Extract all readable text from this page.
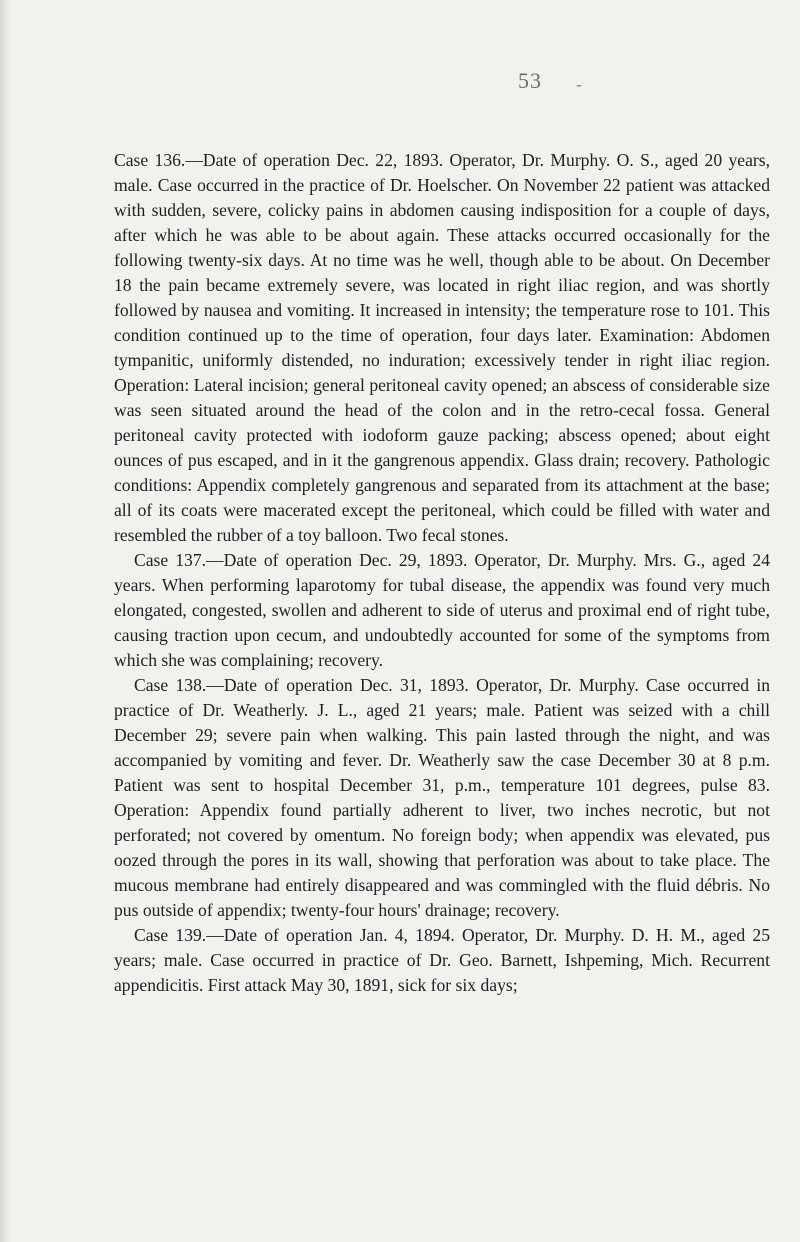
53 -

Case 136.—Date of operation Dec. 22, 1893. Operator, Dr. Murphy. O. S., aged 20 years, male. Case occurred in the practice of Dr. Hoelscher. On November 22 patient was attacked with sudden, severe, colicky pains in abdomen causing indisposition for a couple of days, after which he was able to be about again. These attacks occurred occasionally for the following twenty-six days. At no time was he well, though able to be about. On December 18 the pain became extremely severe, was located in right iliac region, and was shortly followed by nausea and vomiting. It increased in intensity; the temperature rose to 101. This condition continued up to the time of operation, four days later. Examination: Abdomen tympanitic, uniformly distended, no induration; excessively tender in right iliac region. Operation: Lateral incision; general peritoneal cavity opened; an abscess of considerable size was seen situated around the head of the colon and in the retro-cecal fossa. General peritoneal cavity protected with iodoform gauze packing; abscess opened; about eight ounces of pus escaped, and in it the gangrenous appendix. Glass drain; recovery. Pathologic conditions: Appendix completely gangrenous and separated from its attachment at the base; all of its coats were macerated except the peritoneal, which could be filled with water and resembled the rubber of a toy balloon. Two fecal stones.

Case 137.—Date of operation Dec. 29, 1893. Operator, Dr. Murphy. Mrs. G., aged 24 years. When performing laparotomy for tubal disease, the appendix was found very much elongated, congested, swollen and adherent to side of uterus and proximal end of right tube, causing traction upon cecum, and undoubtedly accounted for some of the symptoms from which she was complaining; recovery.

Case 138.—Date of operation Dec. 31, 1893. Operator, Dr. Murphy. Case occurred in practice of Dr. Weatherly. J. L., aged 21 years; male. Patient was seized with a chill December 29; severe pain when walking. This pain lasted through the night, and was accompanied by vomiting and fever. Dr. Weatherly saw the case December 30 at 8 p.m. Patient was sent to hospital December 31, p.m., temperature 101 degrees, pulse 83. Operation: Appendix found partially adherent to liver, two inches necrotic, but not perforated; not covered by omentum. No foreign body; when appendix was elevated, pus oozed through the pores in its wall, showing that perforation was about to take place. The mucous membrane had entirely disappeared and was commingled with the fluid débris. No pus outside of appendix; twenty-four hours' drainage; recovery.

Case 139.—Date of operation Jan. 4, 1894. Operator, Dr. Murphy. D. H. M., aged 25 years; male. Case occurred in practice of Dr. Geo. Barnett, Ishpeming, Mich. Recurrent appendicitis. First attack May 30, 1891, sick for six days;
